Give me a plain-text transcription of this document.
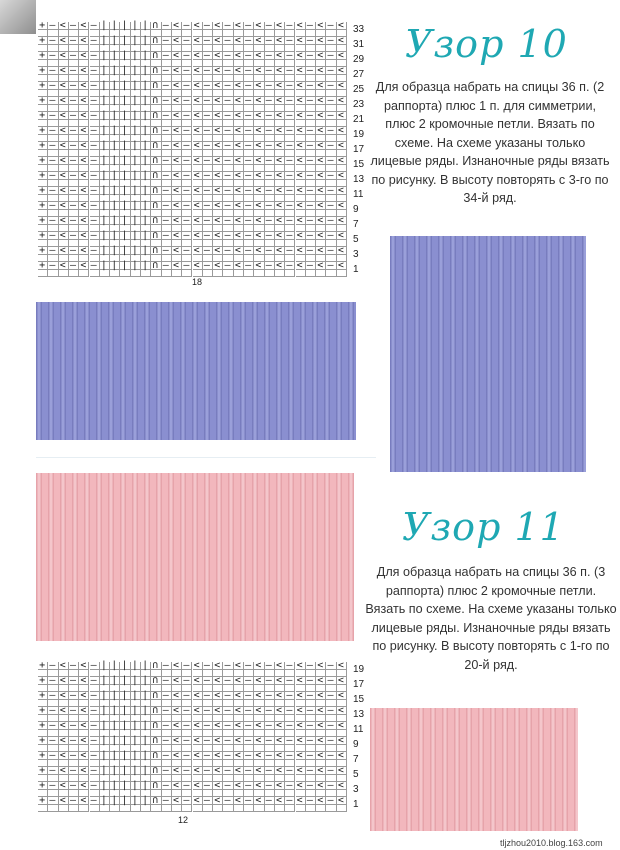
+ — < — < — | | | | | ∩ — < — < — < — < — < — < — < — < — <
+ — < — < — | | | | | ∩ — < — < — < — < — < — < — < — < — <
+ — < — < — | | | | | ∩ — < — < — < — < — < — < — < — < — <
+ — < — < — | | | | | ∩ — < — < — < — < — < — < — < — < — <
+ — < — < — | | | | | ∩ — < — < — < — < — < — < — < — < — <
+ — < — < — | | | | | ∩ — < — < — < — < — < — < — < — < — <
+ — < — < — | | | | | ∩ — < — < — < — < — < — < — < — < — <
+ — < — < — | | | | | ∩ — < — < — < — < — < — < — < — < — <
+ — < — < — | | | | | ∩ — < — < — < — < — < — < — < — < — <
+ — < — < — | | | | | ∩ — < — < — < — < — < — < — < — < — <
+ — < — < — | | | | | ∩ — < — < — < — < — < — < — < — < — <
+ — < — < — | | | | | ∩ — < — < — < — < — < — < — < — < — <
+ — < — < — | | | | | ∩ — < — < — < — < — < — < — < — < — <
+ — < — < — | | | | | ∩ — < — < — < — < — < — < — < — < — <
+ — < — < — | | | | | ∩ — < — < — < — < — < — < — < — < — <
+ — < — < — | | | | | ∩ — < — < — < — < — < — < — < — < — <
+ — < — < — | | | | | ∩ — < — < — < — < — < — < — < — < — <
33
31
29
27
25
23
21
19
17
15
13
11
9
7
5
3
1
18
Узор 10
Для образца набрать на спицы 36 п. (2 раппорта) плюс 1 п. для симметрии, плюс 2 кромочные петли. Вязать по схеме. На схеме указаны только лицевые ряды. Изнаночные ряды вязать по рисунку. В высоту повторять с 3-го по 34-й ряд.
Узор 11
Для образца набрать на спицы 36 п. (3 раппорта) плюс 2 кромочные петли. Вязать по схеме. На схеме указаны только лицевые ряды. Изнаночные ряды вязать по рисунку. В высоту повторять с 1-го по 20-й ряд.
+ — < — < — | | | | | ∩ — < — < — < — < — < — < — < — < — <
+ — < — < — | | | | | ∩ — < — < — < — < — < — < — < — < — <
+ — < — < — | | | | | ∩ — < — < — < — < — < — < — < — < — <
+ — < — < — | | | | | ∩ — < — < — < — < — < — < — < — < — <
+ — < — < — | | | | | ∩ — < — < — < — < — < — < — < — < — <
+ — < — < — | | | | | ∩ — < — < — < — < — < — < — < — < — <
+ — < — < — | | | | | ∩ — < — < — < — < — < — < — < — < — <
+ — < — < — | | | | | ∩ — < — < — < — < — < — < — < — < — <
+ — < — < — | | | | | ∩ — < — < — < — < — < — < — < — < — <
+ — < — < — | | | | | ∩ — < — < — < — < — < — < — < — < — <
19
17
15
13
11
9
7
5
3
1
12
tljzhou2010.blog.163.com
